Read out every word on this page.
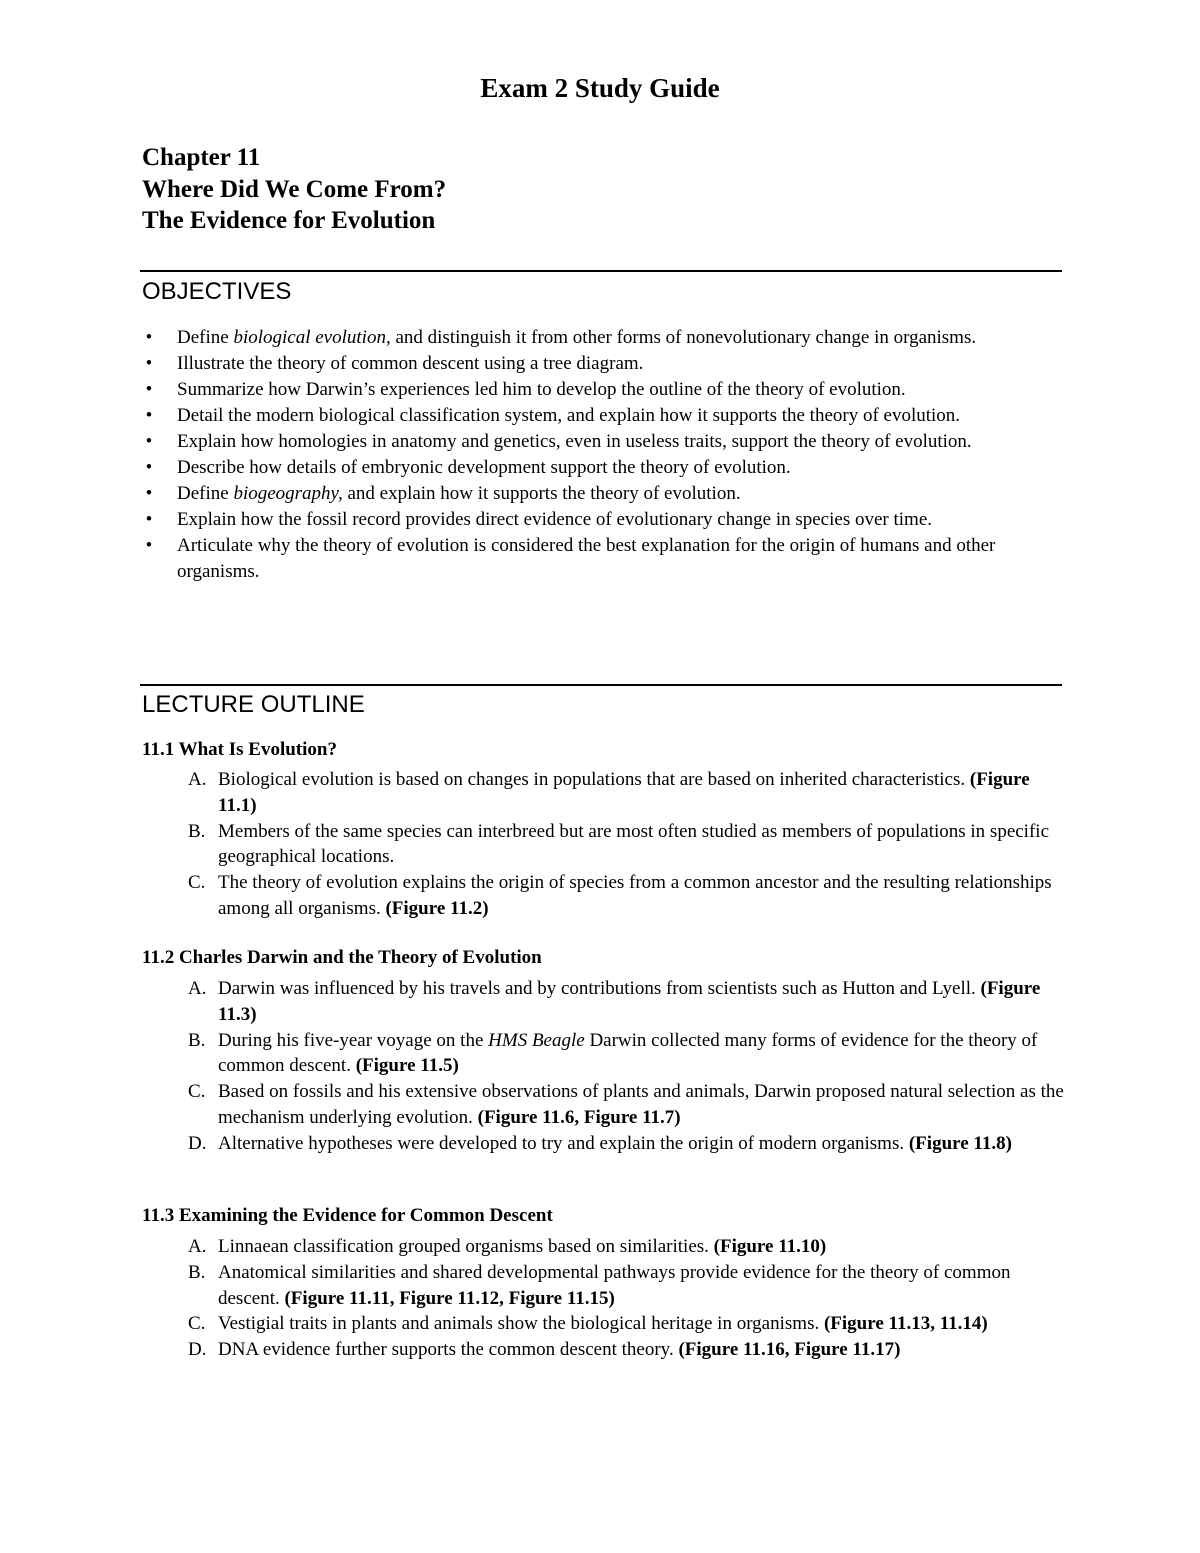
Exam 2 Study Guide
Chapter 11
Where Did We Come From?
The Evidence for Evolution
OBJECTIVES
• Define biological evolution, and distinguish it from other forms of nonevolutionary change in organisms.
• Illustrate the theory of common descent using a tree diagram.
• Summarize how Darwin’s experiences led him to develop the outline of the theory of evolution.
• Detail the modern biological classification system, and explain how it supports the theory of evolution.
• Explain how homologies in anatomy and genetics, even in useless traits, support the theory of evolution.
• Describe how details of embryonic development support the theory of evolution.
• Define biogeography, and explain how it supports the theory of evolution.
• Explain how the fossil record provides direct evidence of evolutionary change in species over time.
• Articulate why the theory of evolution is considered the best explanation for the origin of humans and other organisms.
LECTURE OUTLINE
11.1 What Is Evolution?
A. Biological evolution is based on changes in populations that are based on inherited characteristics. (Figure 11.1)
B. Members of the same species can interbreed but are most often studied as members of populations in specific geographical locations.
C. The theory of evolution explains the origin of species from a common ancestor and the resulting relationships among all organisms. (Figure 11.2)
11.2 Charles Darwin and the Theory of Evolution
A. Darwin was influenced by his travels and by contributions from scientists such as Hutton and Lyell. (Figure 11.3)
B. During his five-year voyage on the HMS Beagle Darwin collected many forms of evidence for the theory of common descent. (Figure 11.5)
C. Based on fossils and his extensive observations of plants and animals, Darwin proposed natural selection as the mechanism underlying evolution. (Figure 11.6, Figure 11.7)
D. Alternative hypotheses were developed to try and explain the origin of modern organisms. (Figure 11.8)
11.3 Examining the Evidence for Common Descent
A. Linnaean classification grouped organisms based on similarities. (Figure 11.10)
B. Anatomical similarities and shared developmental pathways provide evidence for the theory of common descent. (Figure 11.11, Figure 11.12, Figure 11.15)
C. Vestigial traits in plants and animals show the biological heritage in organisms. (Figure 11.13, 11.14)
D. DNA evidence further supports the common descent theory. (Figure 11.16, Figure 11.17)
